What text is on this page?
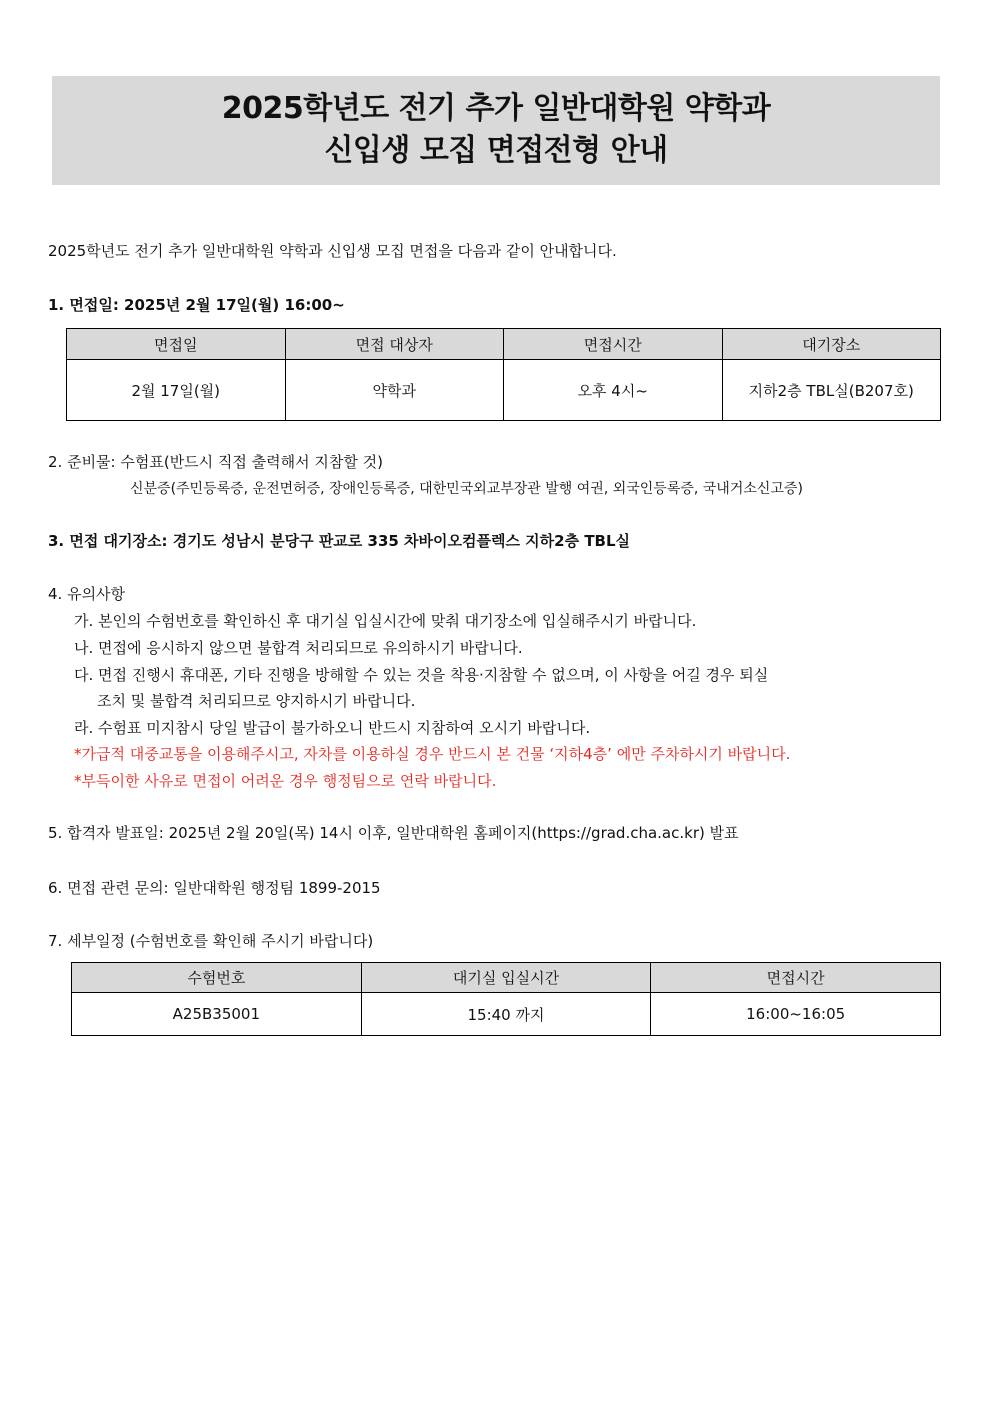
2025학년도 전기 추가 일반대학원 약학과
신입생 모집 면접전형 안내
2025학년도 전기 추가 일반대학원 약학과 신입생 모집 면접을 다음과 같이 안내합니다.
1. 면접일: 2025년 2월 17일(월) 16:00~
면접일	면접 대상자	면접시간	대기장소
2월 17일(월)	약학과	오후 4시~	지하2층 TBL실(B207호)
2. 준비물: 수험표(반드시 직접 출력해서 지참할 것)
신분증(주민등록증, 운전면허증, 장애인등록증, 대한민국외교부장관 발행 여권, 외국인등록증, 국내거소신고증)
3. 면접 대기장소: 경기도 성남시 분당구 판교로 335 차바이오컴플렉스 지하2층 TBL실
4. 유의사항
가. 본인의 수험번호를 확인하신 후 대기실 입실시간에 맞춰 대기장소에 입실해주시기 바랍니다.
나. 면접에 응시하지 않으면 불합격 처리되므로 유의하시기 바랍니다.
다. 면접 진행시 휴대폰, 기타 진행을 방해할 수 있는 것을 착용·지참할 수 없으며, 이 사항을 어길 경우 퇴실
조치 및 불합격 처리되므로 양지하시기 바랍니다.
라. 수험표 미지참시 당일 발급이 불가하오니 반드시 지참하여 오시기 바랍니다.
*가급적 대중교통을 이용해주시고, 자차를 이용하실 경우 반드시 본 건물 ‘지하4층’ 에만 주차하시기 바랍니다.
*부득이한 사유로 면접이 어려운 경우 행정팀으로 연락 바랍니다.
5. 합격자 발표일: 2025년 2월 20일(목) 14시 이후, 일반대학원 홈페이지(https://grad.cha.ac.kr) 발표
6. 면접 관련 문의: 일반대학원 행정팀 1899-2015
7. 세부일정 (수험번호를 확인해 주시기 바랍니다)
수험번호	대기실 입실시간	면접시간
A25B35001	15:40 까지	16:00~16:05
